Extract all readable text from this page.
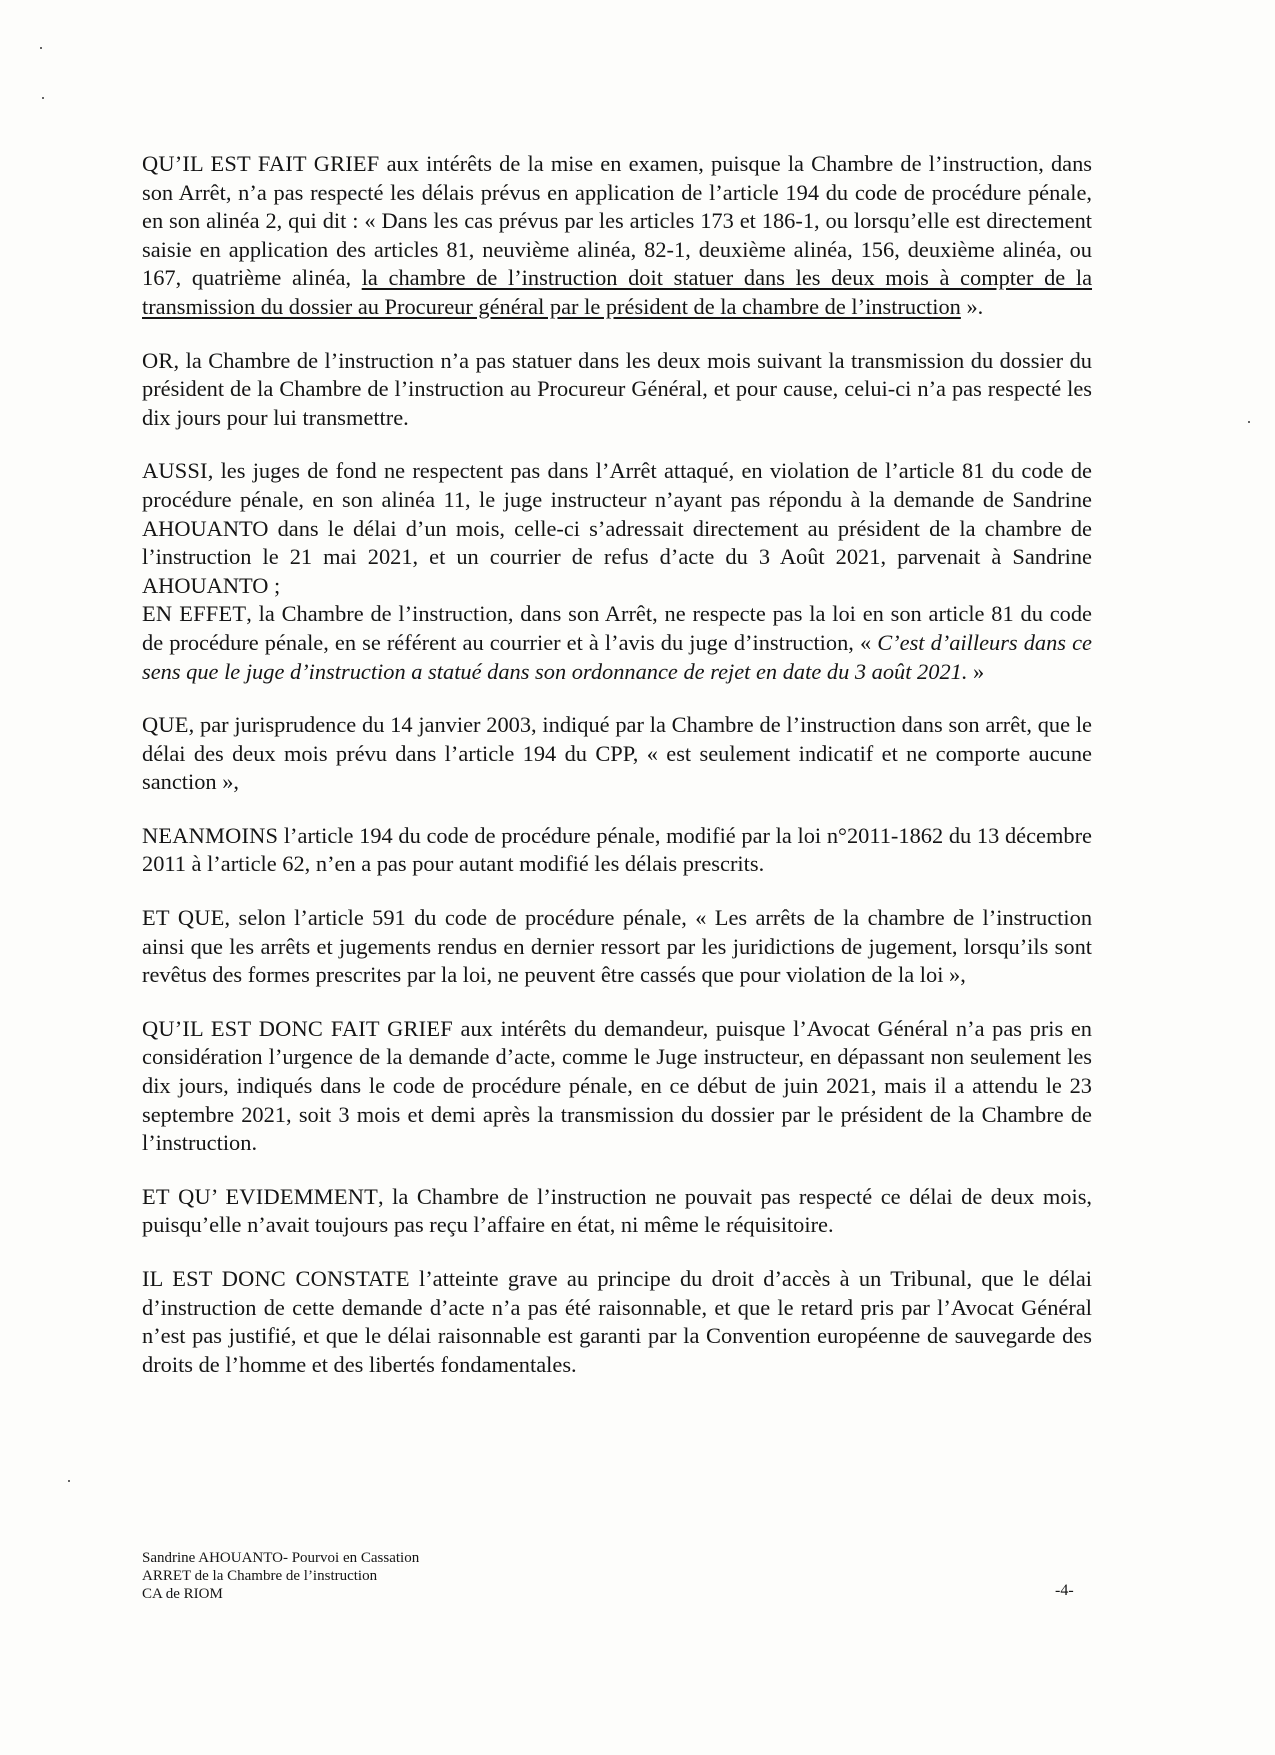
QU’IL EST FAIT GRIEF aux intérêts de la mise en examen, puisque la Chambre de l’instruction, dans son Arrêt, n’a pas respecté les délais prévus en application de l’article 194 du code de procédure pénale, en son alinéa 2, qui dit : « Dans les cas prévus par les articles 173 et 186-1, ou lorsqu’elle est directement saisie en application des articles 81, neuvième alinéa, 82-1, deuxième alinéa, 156, deuxième alinéa, ou 167, quatrième alinéa, la chambre de l’instruction doit statuer dans les deux mois à compter de la transmission du dossier au Procureur général par le président de la chambre de l’instruction ».

OR, la Chambre de l’instruction n’a pas statuer dans les deux mois suivant la transmission du dossier du président de la Chambre de l’instruction au Procureur Général, et pour cause, celui-ci n’a pas respecté les dix jours pour lui transmettre.

AUSSI, les juges de fond ne respectent pas dans l’Arrêt attaqué, en violation de l’article 81 du code de procédure pénale, en son alinéa 11, le juge instructeur n’ayant pas répondu à la demande de Sandrine AHOUANTO dans le délai d’un mois, celle-ci s’adressait directement au président de la chambre de l’instruction le 21 mai 2021, et un courrier de refus d’acte du 3 Août 2021, parvenait à Sandrine AHOUANTO ;

EN EFFET, la Chambre de l’instruction, dans son Arrêt, ne respecte pas la loi en son article 81 du code de procédure pénale, en se référent au courrier et à l’avis du juge d’instruction, « C’est d’ailleurs dans ce sens que le juge d’instruction a statué dans son ordonnance de rejet en date du 3 août 2021. »

QUE, par jurisprudence du 14 janvier 2003, indiqué par la Chambre de l’instruction dans son arrêt, que le délai des deux mois prévu dans l’article 194 du CPP, « est seulement indicatif et ne comporte aucune sanction »,

NEANMOINS l’article 194 du code de procédure pénale, modifié par la loi n°2011-1862 du 13 décembre 2011 à l’article 62, n’en a pas pour autant modifié les délais prescrits.

ET QUE, selon l’article 591 du code de procédure pénale, « Les arrêts de la chambre de l’instruction ainsi que les arrêts et jugements rendus en dernier ressort par les juridictions de jugement, lorsqu’ils sont revêtus des formes prescrites par la loi, ne peuvent être cassés que pour violation de la loi »,

QU’IL EST DONC FAIT GRIEF aux intérêts du demandeur, puisque l’Avocat Général n’a pas pris en considération l’urgence de la demande d’acte, comme le Juge instructeur, en dépassant non seulement les dix jours, indiqués dans le code de procédure pénale, en ce début de juin 2021, mais il a attendu le 23 septembre 2021, soit 3 mois et demi après la transmission du dossier par le président de la Chambre de l’instruction.

ET QU’ EVIDEMMENT, la Chambre de l’instruction ne pouvait pas respecté ce délai de deux mois, puisqu’elle n’avait toujours pas reçu l’affaire en état, ni même le réquisitoire.

IL EST DONC CONSTATE l’atteinte grave au principe du droit d’accès à un Tribunal, que le délai d’instruction de cette demande d’acte n’a pas été raisonnable, et que le retard pris par l’Avocat Général n’est pas justifié, et que le délai raisonnable est garanti par la Convention européenne de sauvegarde des droits de l’homme et des libertés fondamentales.

Sandrine AHOUANTO- Pourvoi en Cassation
ARRET de la Chambre de l’instruction
CA de RIOM	-4-
